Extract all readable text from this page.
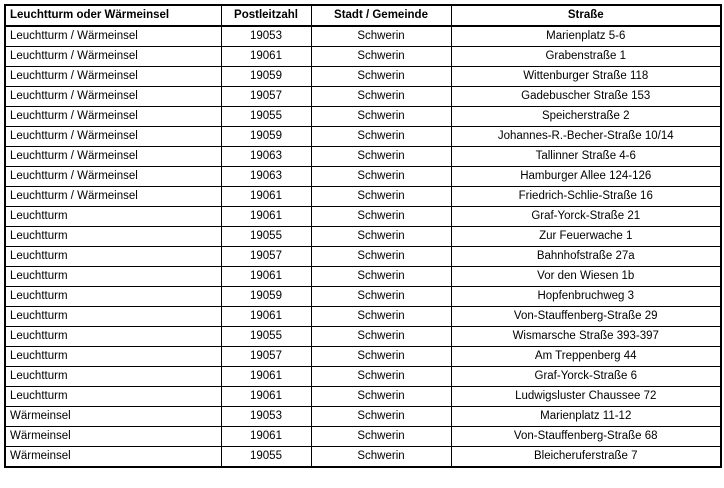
Leuchtturm oder Wärmeinsel	Postleitzahl	Stadt / Gemeinde	Straße
Leuchtturm / Wärmeinsel	19053	Schwerin	Marienplatz 5-6
Leuchtturm / Wärmeinsel	19061	Schwerin	Grabenstraße 1
Leuchtturm / Wärmeinsel	19059	Schwerin	Wittenburger Straße 118
Leuchtturm / Wärmeinsel	19057	Schwerin	Gadebuscher Straße 153
Leuchtturm / Wärmeinsel	19055	Schwerin	Speicherstraße 2
Leuchtturm / Wärmeinsel	19059	Schwerin	Johannes-R.-Becher-Straße 10/14
Leuchtturm / Wärmeinsel	19063	Schwerin	Tallinner Straße 4-6
Leuchtturm / Wärmeinsel	19063	Schwerin	Hamburger Allee 124-126
Leuchtturm / Wärmeinsel	19061	Schwerin	Friedrich-Schlie-Straße 16
Leuchtturm	19061	Schwerin	Graf-Yorck-Straße 21
Leuchtturm	19055	Schwerin	Zur Feuerwache 1
Leuchtturm	19057	Schwerin	Bahnhofstraße 27a
Leuchtturm	19061	Schwerin	Vor den Wiesen 1b
Leuchtturm	19059	Schwerin	Hopfenbruchweg 3
Leuchtturm	19061	Schwerin	Von-Stauffenberg-Straße 29
Leuchtturm	19055	Schwerin	Wismarsche Straße 393-397
Leuchtturm	19057	Schwerin	Am Treppenberg 44
Leuchtturm	19061	Schwerin	Graf-Yorck-Straße 6
Leuchtturm	19061	Schwerin	Ludwigsluster Chaussee 72
Wärmeinsel	19053	Schwerin	Marienplatz 11-12
Wärmeinsel	19061	Schwerin	Von-Stauffenberg-Straße 68
Wärmeinsel	19055	Schwerin	Bleicheruferstraße 7
